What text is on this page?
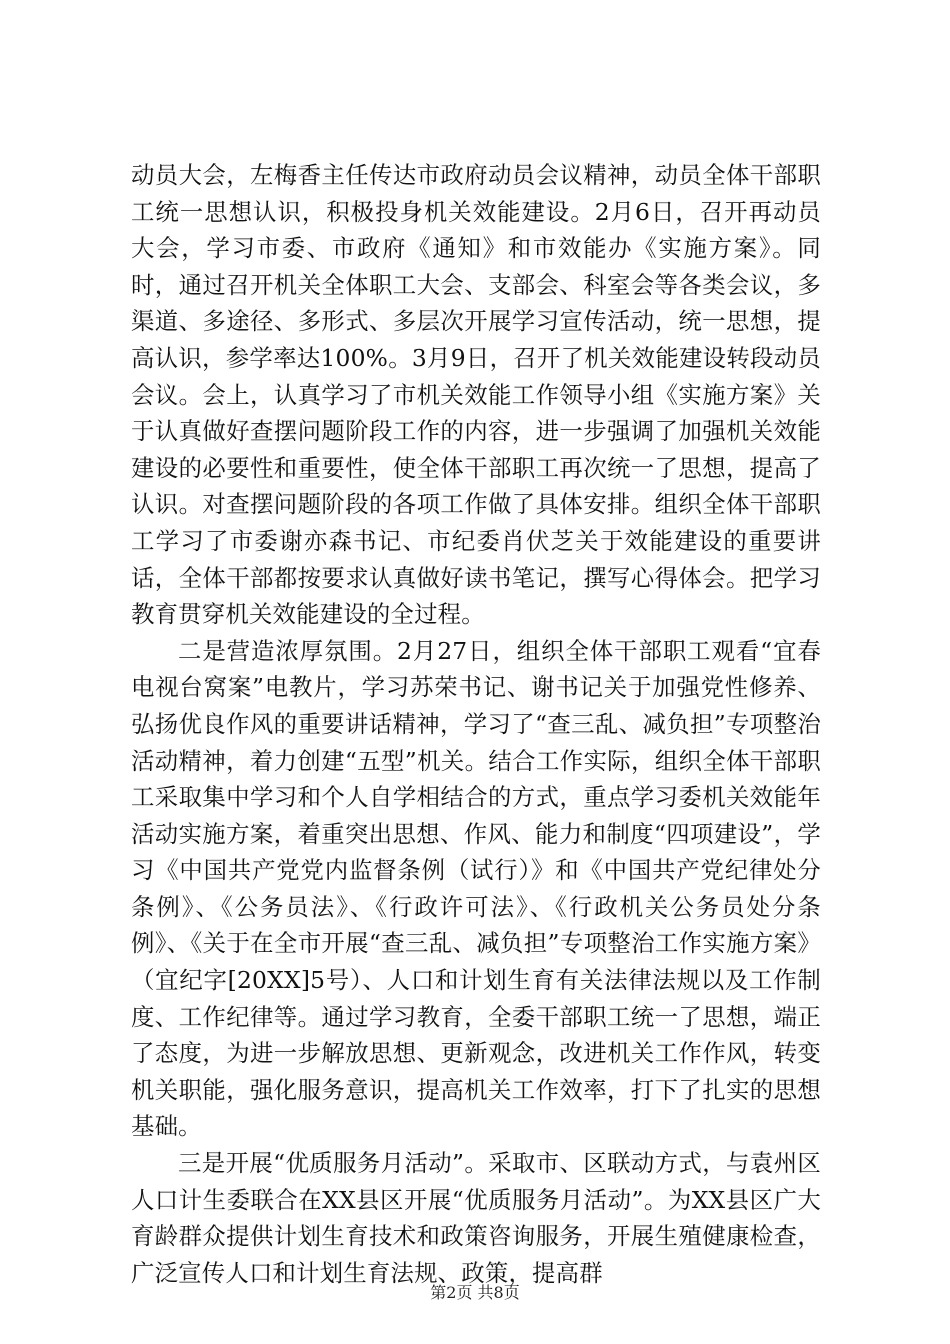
动员大会，左梅香主任传达市政府动员会议精神，动员全体干部职工统一思想认识，积极投身机关效能建设。2月6日，召开再动员大会，学习市委、市政府《通知》和市效能办《实施方案》。同时，通过召开机关全体职工大会、支部会、科室会等各类会议，多渠道、多途径、多形式、多层次开展学习宣传活动，统一思想，提高认识，参学率达100%。3月9日，召开了机关效能建设转段动员会议。会上，认真学习了市机关效能工作领导小组《实施方案》关于认真做好查摆问题阶段工作的内容，进一步强调了加强机关效能建设的必要性和重要性，使全体干部职工再次统一了思想，提高了认识。对查摆问题阶段的各项工作做了具体安排。组织全体干部职工学习了市委谢亦森书记、市纪委肖伏芝关于效能建设的重要讲话，全体干部都按要求认真做好读书笔记，撰写心得体会。把学习教育贯穿机关效能建设的全过程。

二是营造浓厚氛围。2月27日，组织全体干部职工观看“宜春电视台窝案”电教片，学习苏荣书记、谢书记关于加强党性修养、弘扬优良作风的重要讲话精神，学习了“查三乱、减负担”专项整治活动精神，着力创建“五型”机关。结合工作实际，组织全体干部职工采取集中学习和个人自学相结合的方式，重点学习委机关效能年活动实施方案，着重突出思想、作风、能力和制度“四项建设”，学习《中国共产党党内监督条例（试行）》和《中国共产党纪律处分条例》、《公务员法》、《行政许可法》、《行政机关公务员处分条例》、《关于在全市开展“查三乱、减负担”专项整治工作实施方案》（宜纪字[20XX]5号）、人口和计划生育有关法律法规以及工作制度、工作纪律等。通过学习教育，全委干部职工统一了思想，端正了态度，为进一步解放思想、更新观念，改进机关工作作风，转变机关职能，强化服务意识，提高机关工作效率，打下了扎实的思想基础。

三是开展“优质服务月活动”。采取市、区联动方式，与袁州区人口计生委联合在XX县区开展“优质服务月活动”。为XX县区广大育龄群众提供计划生育技术和政策咨询服务，开展生殖健康检查，广泛宣传人口和计划生育法规、政策，提高群

第2页 共8页
